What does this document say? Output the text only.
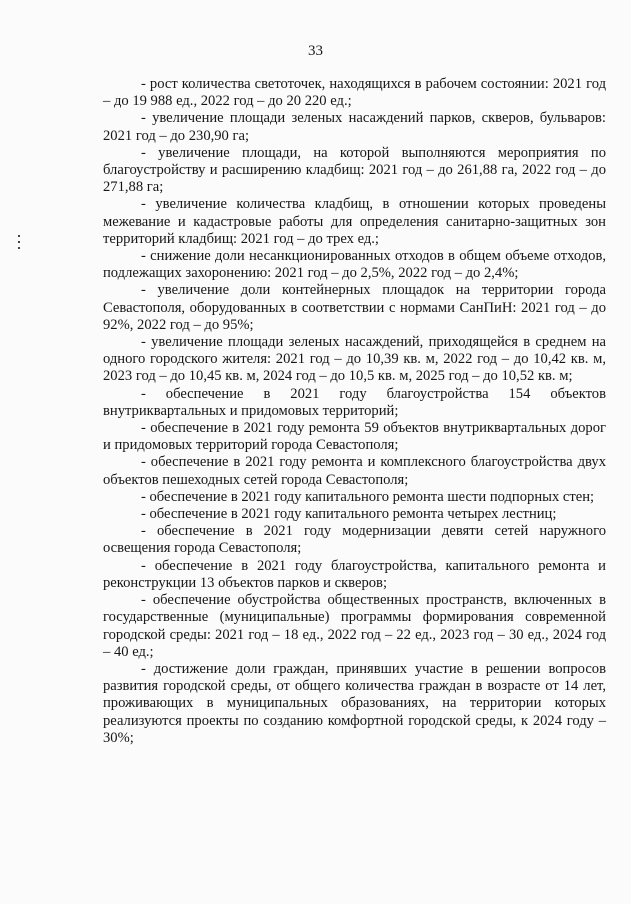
33

- рост количества светоточек, находящихся в рабочем состоянии: 2021 год – до 19 988 ед., 2022 год – до 20 220 ед.;

- увеличение площади зеленых насаждений парков, скверов, бульваров: 2021 год – до 230,90 га;

- увеличение площади, на которой выполняются мероприятия по благоустройству и расширению кладбищ: 2021 год – до 261,88 га, 2022 год – до 271,88 га;

- увеличение количества кладбищ, в отношении которых проведены межевание и кадастровые работы для определения санитарно-защитных зон территорий кладбищ: 2021 год – до трех ед.;

- снижение доли несанкционированных отходов в общем объеме отходов, подлежащих захоронению: 2021 год – до 2,5%, 2022 год – до 2,4%;

- увеличение доли контейнерных площадок на территории города Севастополя, оборудованных в соответствии с нормами СанПиН: 2021 год – до 92%, 2022 год – до 95%;

- увеличение площади зеленых насаждений, приходящейся в среднем на одного городского жителя: 2021 год – до 10,39 кв. м, 2022 год – до 10,42 кв. м, 2023 год – до 10,45 кв. м, 2024 год – до 10,5 кв. м, 2025 год – до 10,52 кв. м;

- обеспечение в 2021 году благоустройства 154 объектов внутриквартальных и придомовых территорий;

- обеспечение в 2021 году ремонта 59 объектов внутриквартальных дорог и придомовых территорий города Севастополя;

- обеспечение в 2021 году ремонта и комплексного благоустройства двух объектов пешеходных сетей города Севастополя;

- обеспечение в 2021 году капитального ремонта шести подпорных стен;

- обеспечение в 2021 году капитального ремонта четырех лестниц;

- обеспечение в 2021 году модернизации девяти сетей наружного освещения города Севастополя;

- обеспечение в 2021 году благоустройства, капитального ремонта и реконструкции 13 объектов парков и скверов;

- обеспечение обустройства общественных пространств, включенных в государственные (муниципальные) программы формирования современной городской среды: 2021 год – 18 ед., 2022 год – 22 ед., 2023 год – 30 ед., 2024 год – 40 ед.;

- достижение доли граждан, принявших участие в решении вопросов развития городской среды, от общего количества граждан в возрасте от 14 лет, проживающих в муниципальных образованиях, на территории которых реализуются проекты по созданию комфортной городской среды, к 2024 году – 30%;
